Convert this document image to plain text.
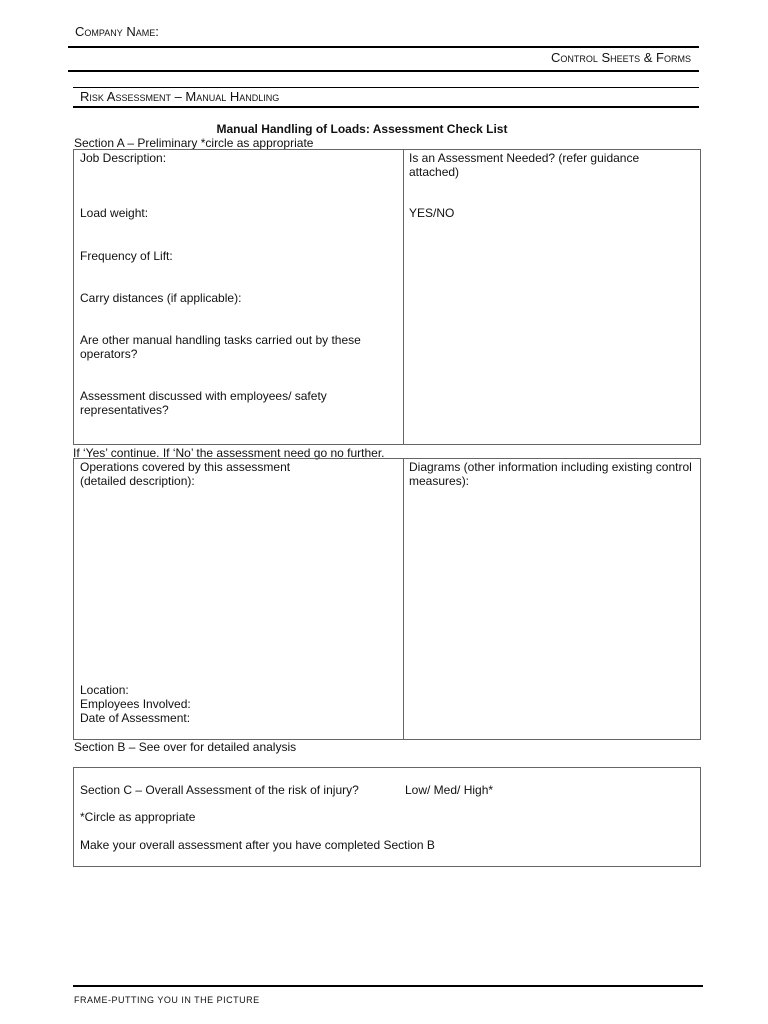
Company Name:
Control Sheets & Forms
Risk Assessment – Manual Handling
Manual Handling of Loads: Assessment Check List
Section A – Preliminary *circle as appropriate
Job Description:
Load weight:
Frequency of Lift:
Carry distances (if applicable):
Are other manual handling tasks carried out by these operators?
Assessment discussed with employees/ safety representatives?
Is an Assessment Needed? (refer guidance attached)
YES/NO
If ‘Yes’ continue. If ‘No’ the assessment need go no further.
Operations covered by this assessment
(detailed description):
Location:
Employees Involved:
Date of Assessment:
Diagrams (other information including existing control measures):
Section B – See over for detailed analysis
Section C – Overall Assessment of the risk of injury?	Low/ Med/ High*
*Circle as appropriate
Make your overall assessment after you have completed Section B
FRAME-PUTTING YOU IN THE PICTURE
